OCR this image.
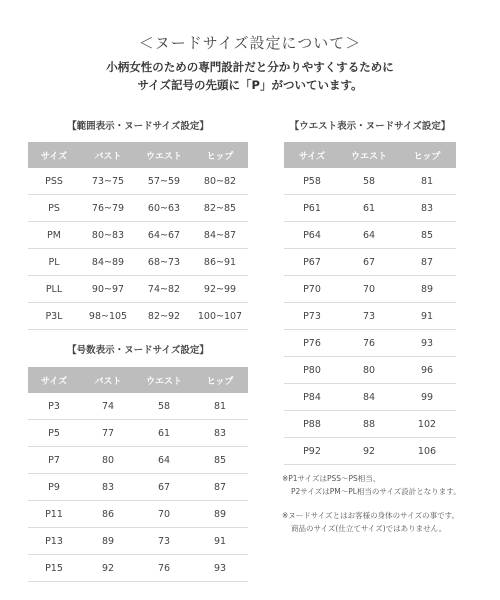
＜ヌードサイズ設定について＞
小柄女性のための専門設計だと分かりやすくするために
サイズ記号の先頭に「P」がついています。
【範囲表示・ヌードサイズ設定】
サイズ	バスト	ウエスト	ヒップ
PSS	73~75	57~59	80~82
PS	76~79	60~63	82~85
PM	80~83	64~67	84~87
PL	84~89	68~73	86~91
PLL	90~97	74~82	92~99
P3L	98~105	82~92	100~107
【号数表示・ヌードサイズ設定】
サイズ	バスト	ウエスト	ヒップ
P3	74	58	81
P5	77	61	83
P7	80	64	85
P9	83	67	87
P11	86	70	89
P13	89	73	91
P15	92	76	93
【ウエスト表示・ヌードサイズ設定】
サイズ	ウエスト	ヒップ
P58	58	81
P61	61	83
P64	64	85
P67	67	87
P70	70	89
P73	73	91
P76	76	93
P80	80	96
P84	84	99
P88	88	102
P92	92	106
※P1サイズはPSS～PS相当、
P2サイズはPM～PL相当のサイズ設計となります。
※ヌードサイズとはお客様の身体のサイズの事です。
商品のサイズ(仕立てサイズ)ではありません。
